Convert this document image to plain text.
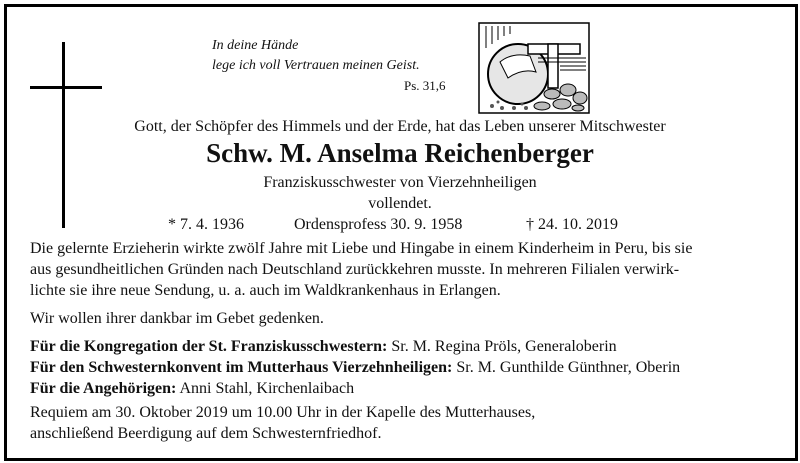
In deine Hände
lege ich voll Vertrauen meinen Geist.
Ps. 31,6
Gott, der Schöpfer des Himmels und der Erde, hat das Leben unserer Mitschwester
Schw. M. Anselma Reichenberger
Franziskusschwester von Vierzehnheiligen
vollendet.
* 7. 4. 1936	Ordensprofess 30. 9. 1958	† 24. 10. 2019
Die gelernte Erzieherin wirkte zwölf Jahre mit Liebe und Hingabe in einem Kinderheim in Peru, bis sie
aus gesundheitlichen Gründen nach Deutschland zurückkehren musste. In mehreren Filialen verwirk-
lichte sie ihre neue Sendung, u. a. auch im Waldkrankenhaus in Erlangen.
Wir wollen ihrer dankbar im Gebet gedenken.
Für die Kongregation der St. Franziskusschwestern: Sr. M. Regina Pröls, Generaloberin
Für den Schwesternkonvent im Mutterhaus Vierzehnheiligen: Sr. M. Gunthilde Günthner, Oberin
Für die Angehörigen: Anni Stahl, Kirchenlaibach
Requiem am 30. Oktober 2019 um 10.00 Uhr in der Kapelle des Mutterhauses,
anschließend Beerdigung auf dem Schwesternfriedhof.
